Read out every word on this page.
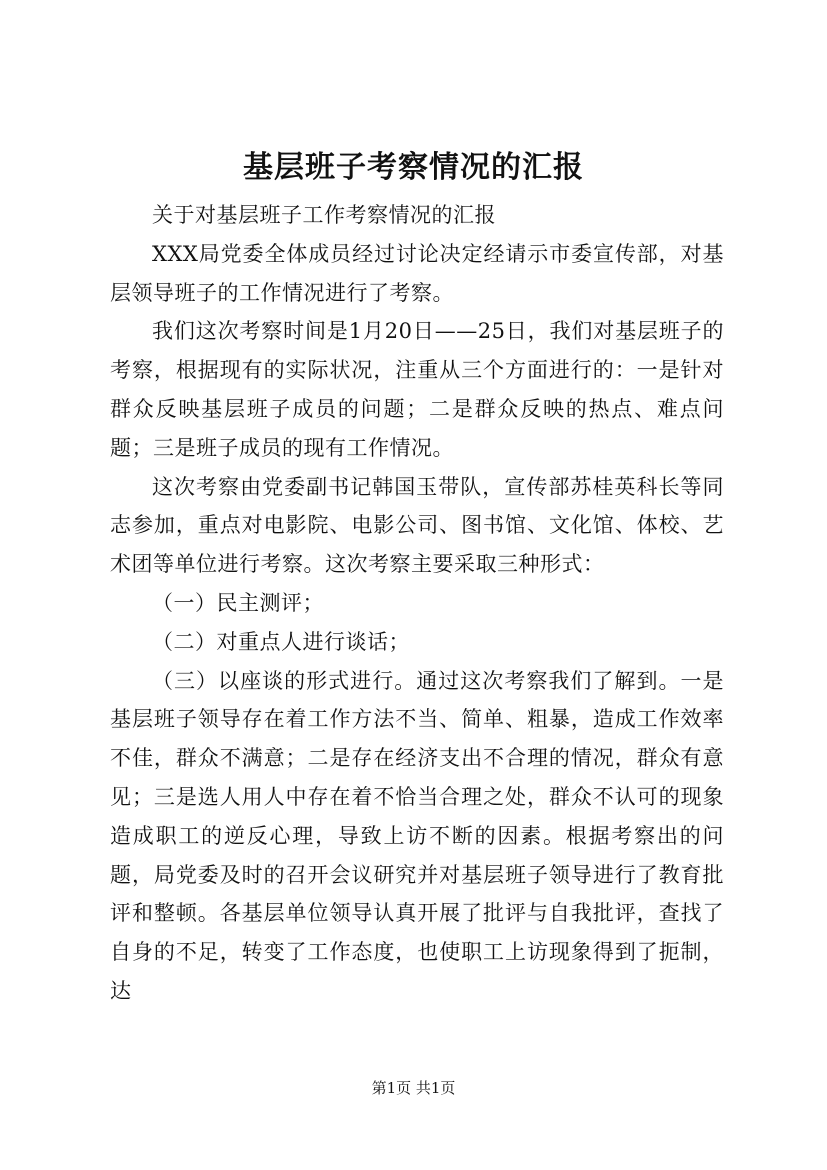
基层班子考察情况的汇报

关于对基层班子工作考察情况的汇报

XXX局党委全体成员经过讨论决定经请示市委宣传部，对基层领导班子的工作情况进行了考察。

我们这次考察时间是1月20日——25日，我们对基层班子的考察，根据现有的实际状况，注重从三个方面进行的：一是针对群众反映基层班子成员的问题；二是群众反映的热点、难点问题；三是班子成员的现有工作情况。

这次考察由党委副书记韩国玉带队，宣传部苏桂英科长等同志参加，重点对电影院、电影公司、图书馆、文化馆、体校、艺术团等单位进行考察。这次考察主要采取三种形式：

（一）民主测评；

（二）对重点人进行谈话；

（三）以座谈的形式进行。通过这次考察我们了解到。一是基层班子领导存在着工作方法不当、简单、粗暴，造成工作效率不佳，群众不满意；二是存在经济支出不合理的情况，群众有意见；三是选人用人中存在着不恰当合理之处，群众不认可的现象造成职工的逆反心理，导致上访不断的因素。根据考察出的问题，局党委及时的召开会议研究并对基层班子领导进行了教育批评和整顿。各基层单位领导认真开展了批评与自我批评，查找了自身的不足，转变了工作态度，也使职工上访现象得到了扼制，达

第1页 共1页
